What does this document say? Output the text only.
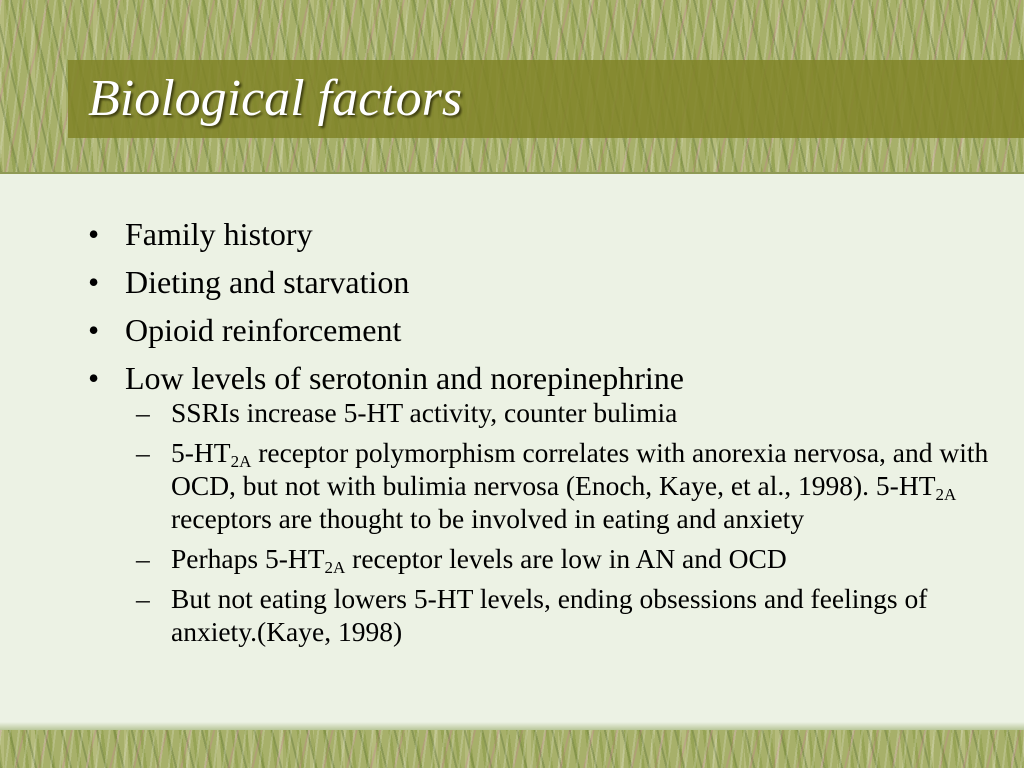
Biological factors
• Family history
• Dieting and starvation
• Opioid reinforcement
• Low levels of serotonin and norepinephrine
– SSRIs increase 5-HT activity, counter bulimia
– $5-HT_{2A}$ receptor polymorphism correlates with anorexia nervosa, and with OCD, but not with bulimia nervosa (Enoch, Kaye, et al., 1998). $5-HT_{2A}$ receptors are thought to be involved in eating and anxiety
– Perhaps $5-HT_{2A}$ receptor levels are low in AN and OCD
– But not eating lowers 5-HT levels, ending obsessions and feelings of anxiety.(Kaye, 1998)
